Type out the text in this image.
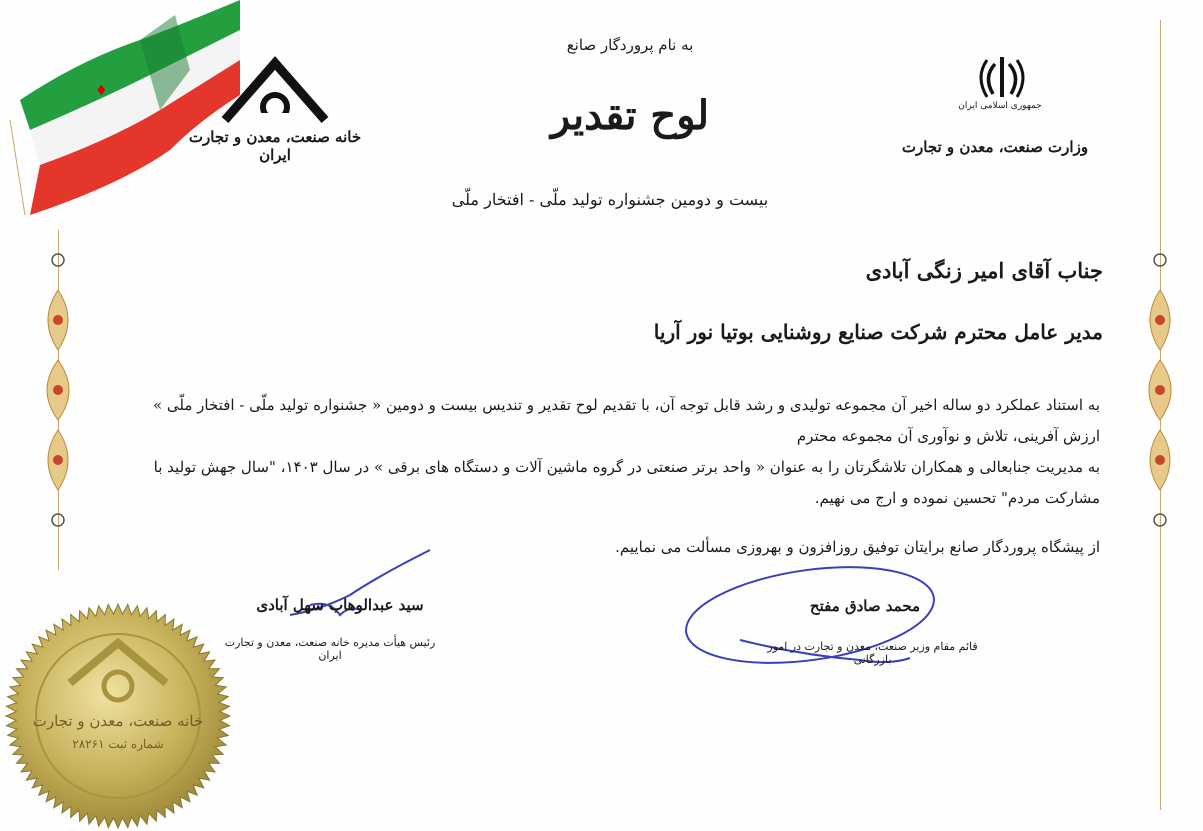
♦
خانه صنعت، معدن و تجارت ایران
جمهوری اسلامی ایران
وزارت صنعت، معدن و تجارت
به نام پروردگار صانع
لوح تقدیر
بیست و دومین جشنواره تولید ملّی - افتخار ملّی
جناب آقای امیر زنگی آبادی
مدیر عامل محترم شرکت صنایع روشنایی بوتیا نور آریا
به استناد عملکرد دو ساله اخیر آن مجموعه تولیدی و رشد قابل توجه آن، با تقدیم لوح تقدیر و تندیس بیست و دومین « جشنواره تولید ملّی - افتخار ملّی » ارزش آفرینی، تلاش و نوآوری آن مجموعه محترم
به مدیریت جنابعالی و همکاران تلاشگرتان را به عنوان « واحد برتر صنعتی در گروه ماشین آلات و دستگاه های برقی » در سال ۱۴۰۳، "سال جهش تولید با مشارکت مردم" تحسین نموده و ارج می نهیم.
از پیشگاه پروردگار صانع برایتان توفیق روزافزون و بهروزی مسألت می نماییم.
سید عبدالوهاب سهل آبادی
رئیس هیأت مدیره خانه صنعت، معدن و تجارت ایران
محمد صادق مفتح
قائم مقام وزیر صنعت، معدن و تجارت در امور بازرگانی
خانه صنعت، معدن و تجارت
شماره ثبت ۲۸۲۶۱
